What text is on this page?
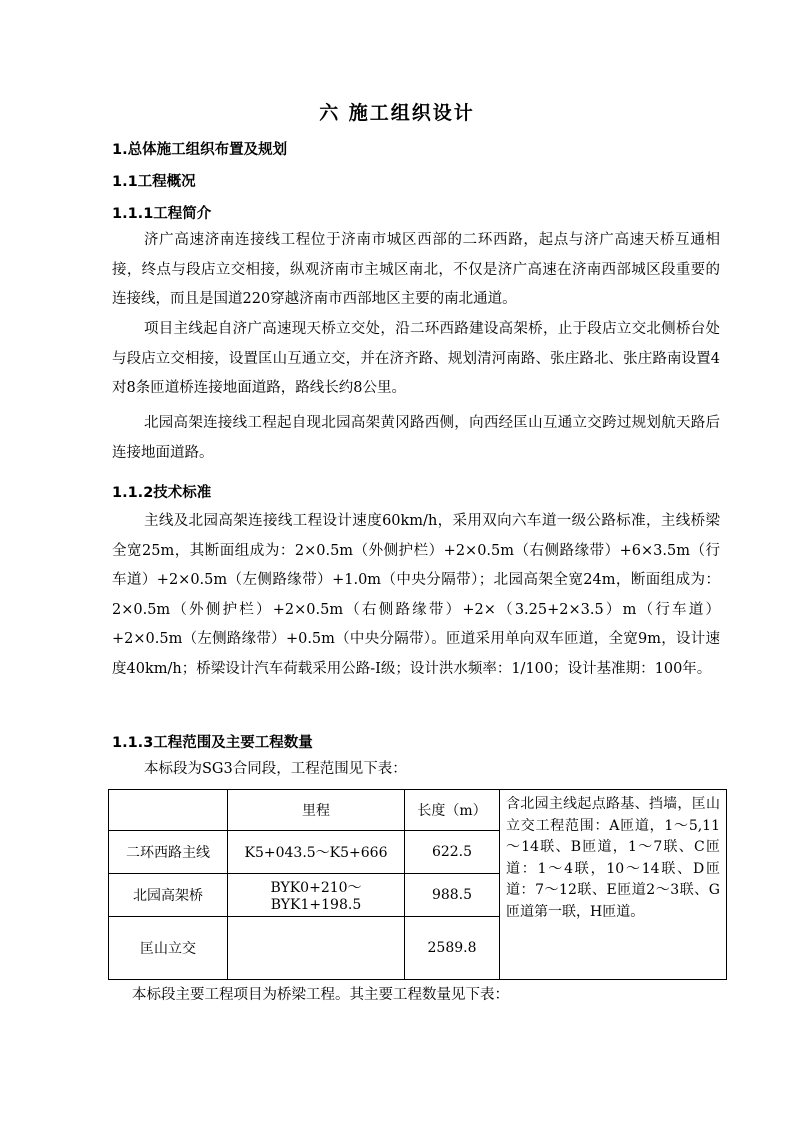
六 施工组织设计
1.总体施工组织布置及规划
1.1工程概况
1.1.1工程简介
济广高速济南连接线工程位于济南市城区西部的二环西路，起点与济广高速天桥互通相接，终点与段店立交相接，纵观济南市主城区南北，不仅是济广高速在济南西部城区段重要的连接线，而且是国道220穿越济南市西部地区主要的南北通道。
项目主线起自济广高速现天桥立交处，沿二环西路建设高架桥，止于段店立交北侧桥台处与段店立交相接，设置匡山互通立交，并在济齐路、规划清河南路、张庄路北、张庄路南设置4对8条匝道桥连接地面道路，路线长约8公里。
北园高架连接线工程起自现北园高架黄冈路西侧，向西经匡山互通立交跨过规划航天路后连接地面道路。
1.1.2技术标准
主线及北园高架连接线工程设计速度60km/h，采用双向六车道一级公路标准，主线桥梁全宽25m，其断面组成为：2×0.5m（外侧护栏）+2×0.5m（右侧路缘带）+6×3.5m（行车道）+2×0.5m（左侧路缘带）+1.0m（中央分隔带）；北园高架全宽24m，断面组成为：2×0.5m（外侧护栏）+2×0.5m（右侧路缘带）+2×（3.25+2×3.5）m（行车道）+2×0.5m（左侧路缘带）+0.5m（中央分隔带）。匝道采用单向双车匝道，全宽9m，设计速度40km/h；桥梁设计汽车荷载采用公路-Ⅰ级；设计洪水频率：1/100；设计基准期：100年。
1.1.3工程范围及主要工程数量
本标段为SG3合同段，工程范围见下表：
	里程	长度（m）	含北园主线起点路基、挡墙，匡山立交工程范围：A匝道，1～5,11～14联、B匝道，1～7联、C匝道：1～4联，10～14联、D匝道：7～12联、E匝道2～3联、G匝道第一联，H匝道。
二环西路主线	K5+043.5～K5+666	622.5	
北园高架桥	BYK0+210～BYK1+198.5	988.5	
匡山立交		2589.8	
本标段主要工程项目为桥梁工程。其主要工程数量见下表：
